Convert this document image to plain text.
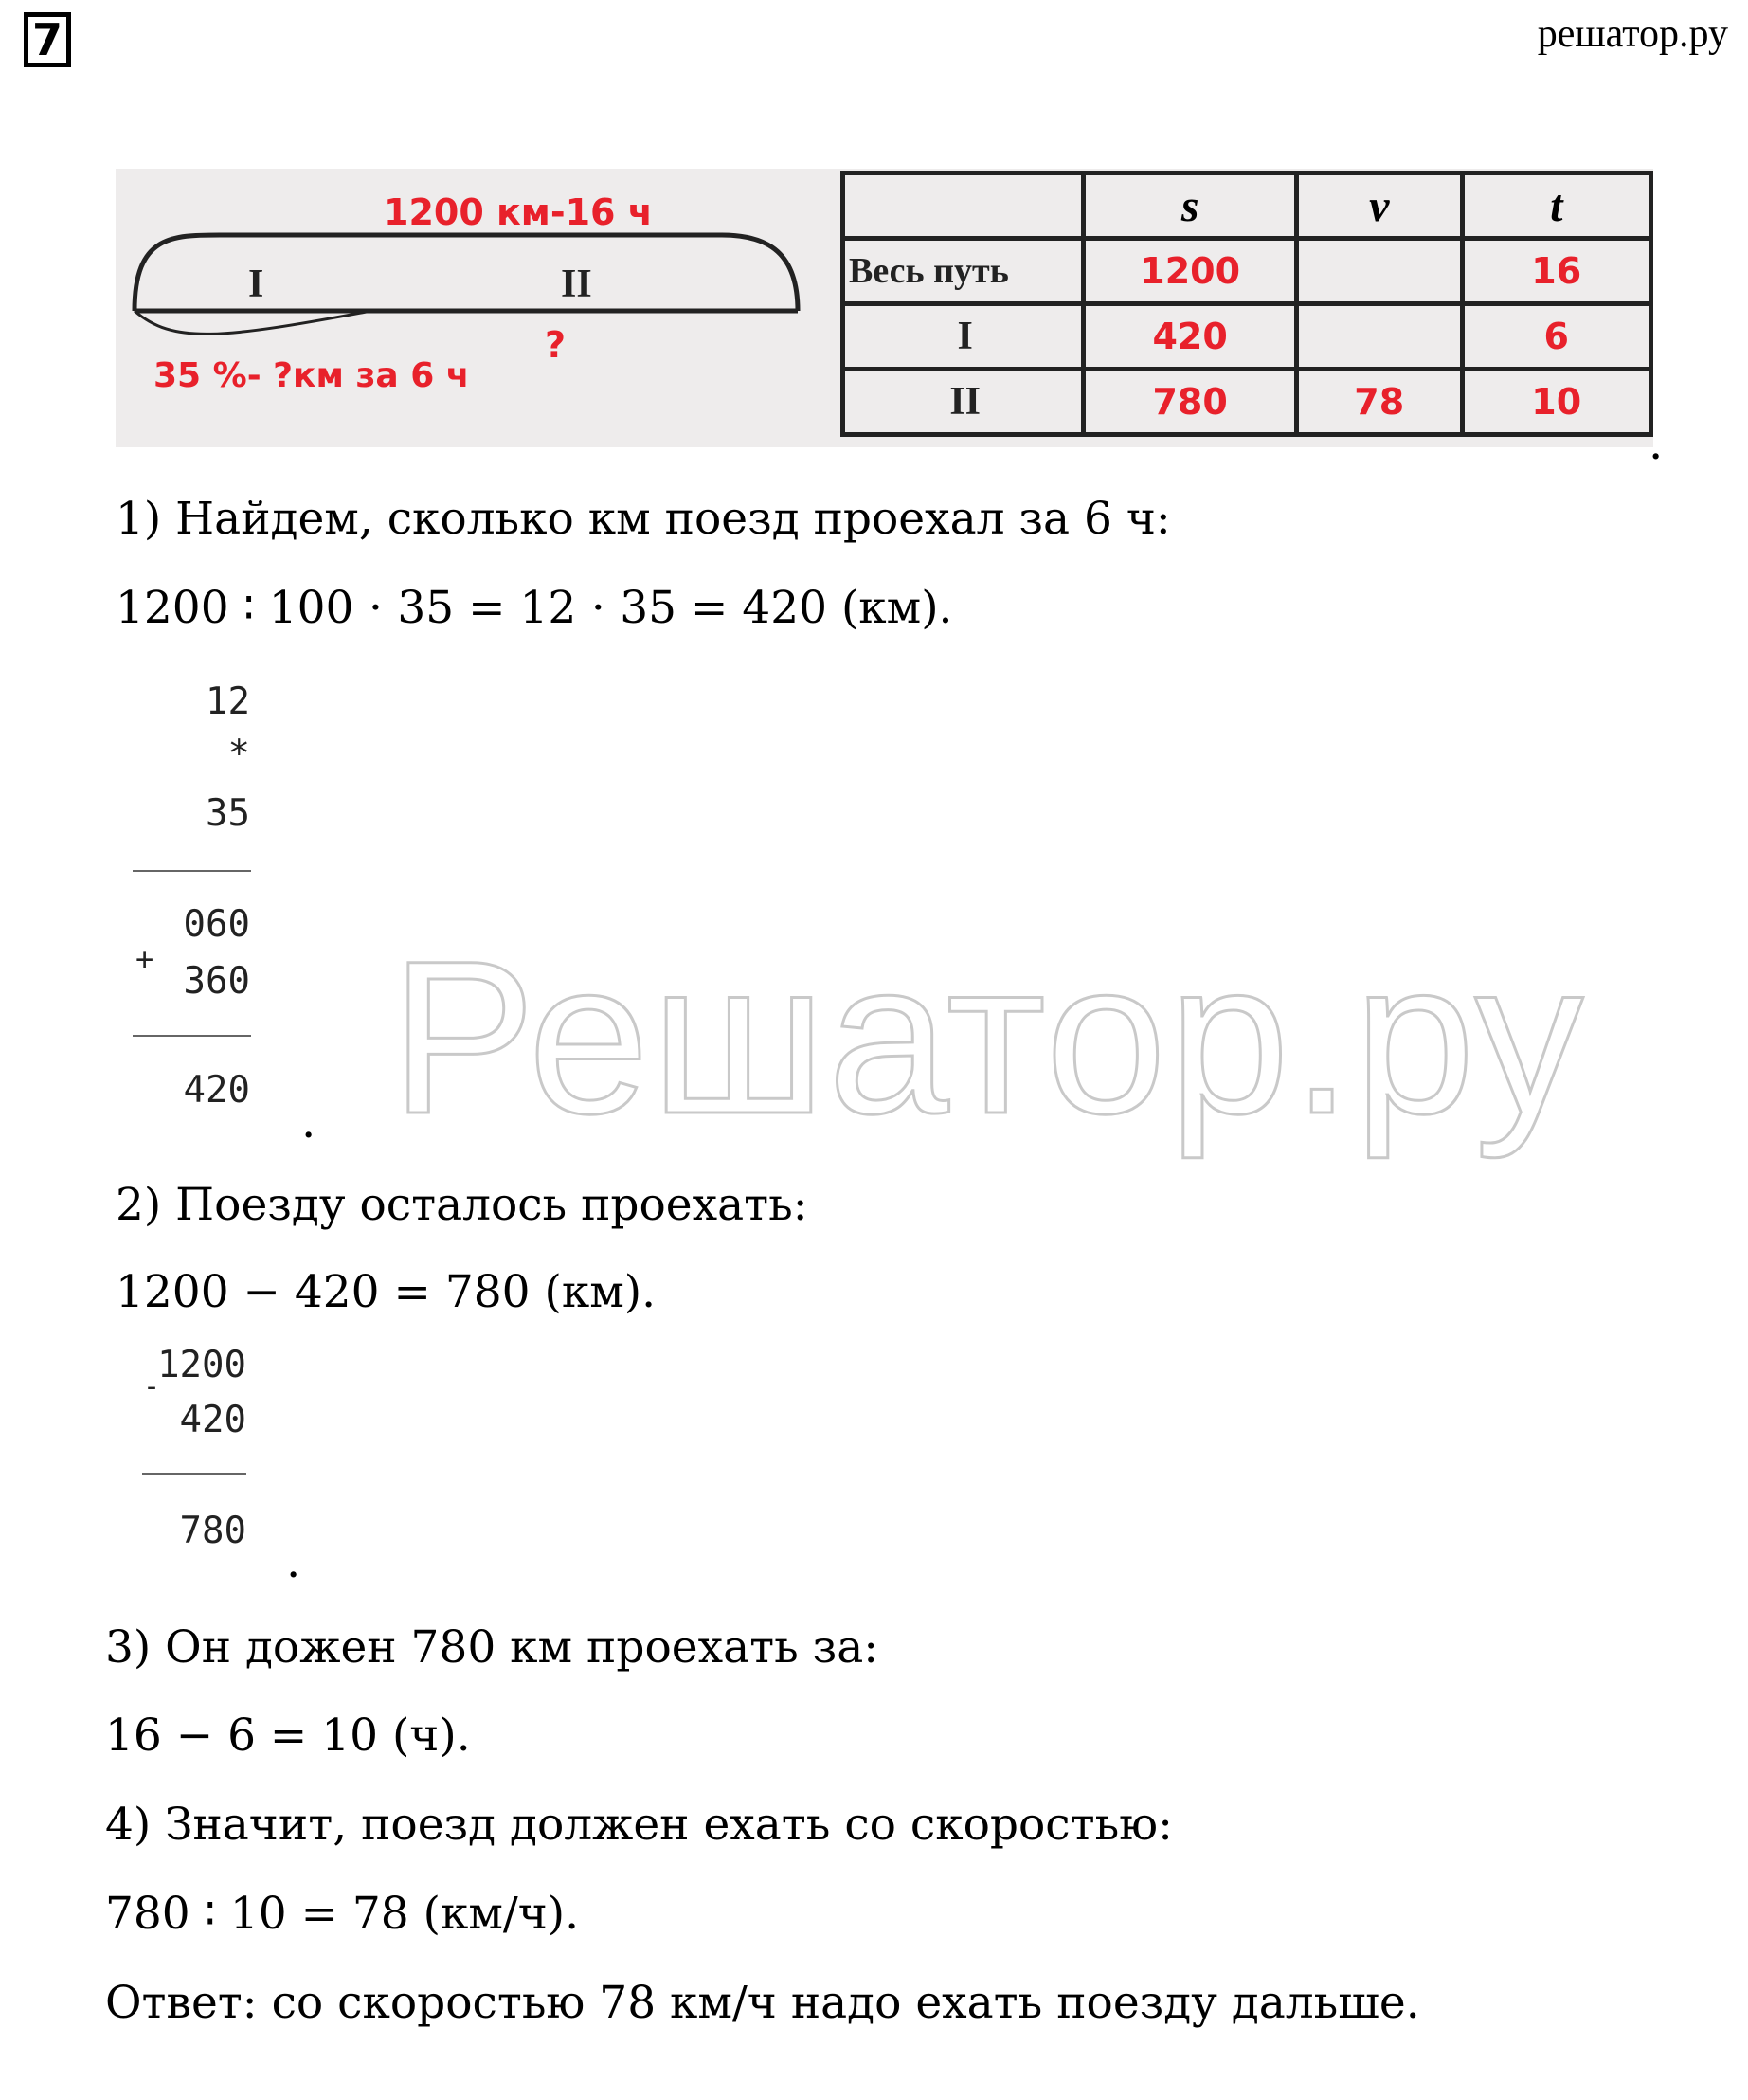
7	решатор.ру
1200 км-16 ч
I	II
?
35 %- ?км за 6 ч
	s	v	t
Весь путь	1200		16
I	420		6
II	780	78	10
.
1) Найдем, сколько км поезд проехал за 6 ч:
1200 ∶ 100 ⋅ 35 = 12 ⋅ 35 = 420 (км).
12
*
35
060
+
360
420
. Решатор.ру
2) Поезду осталось проехать:
1200 − 420 = 780 (км).
1200
-
420
780
.
3) Он дожен 780 км проехать за:
16 − 6 = 10 (ч).
4) Значит, поезд должен ехать со скоростью:
780 ∶ 10 = 78 (км/ч).
Ответ: со скоростью 78 км/ч надо ехать поезду дальше.
